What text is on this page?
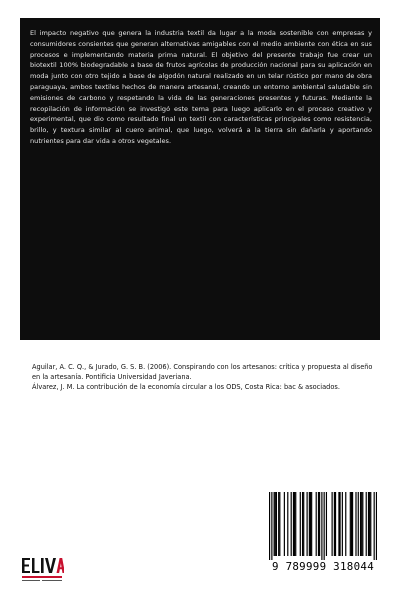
El impacto negativo que genera la industria textil da lugar a la moda sostenible con empresas y consumidores consientes que generan alternativas amigables con el medio ambiente con ética en sus procesos e implementando materia prima natural. El objetivo del presente trabajo fue crear un biotextil 100% biodegradable a base de frutos agrícolas de producción nacional para su aplicación en moda junto con otro tejido a base de algodón natural realizado en un telar rústico por mano de obra paraguaya, ambos textiles hechos de manera artesanal, creando un entorno ambiental saludable sin emisiones de carbono y respetando la vida de las generaciones presentes y futuras. Mediante la recopilación de información se investigó este tema para luego aplicarlo en el proceso creativo y experimental, que dio como resultado final un textil con características principales como resistencia, brillo, y textura similar al cuero animal, que luego, volverá a la tierra sin dañarla y aportando nutrientes para dar vida a otros vegetales.

Aguilar, A. C. Q., & Jurado, G. S. B. (2006). Conspirando con los artesanos: crítica y propuesta al diseño en la artesanía. Pontificia Universidad Javeriana.

Álvarez, J. M. La contribución de la economía circular a los ODS, Costa Rica: bac & asociados.

9 789999 318044
